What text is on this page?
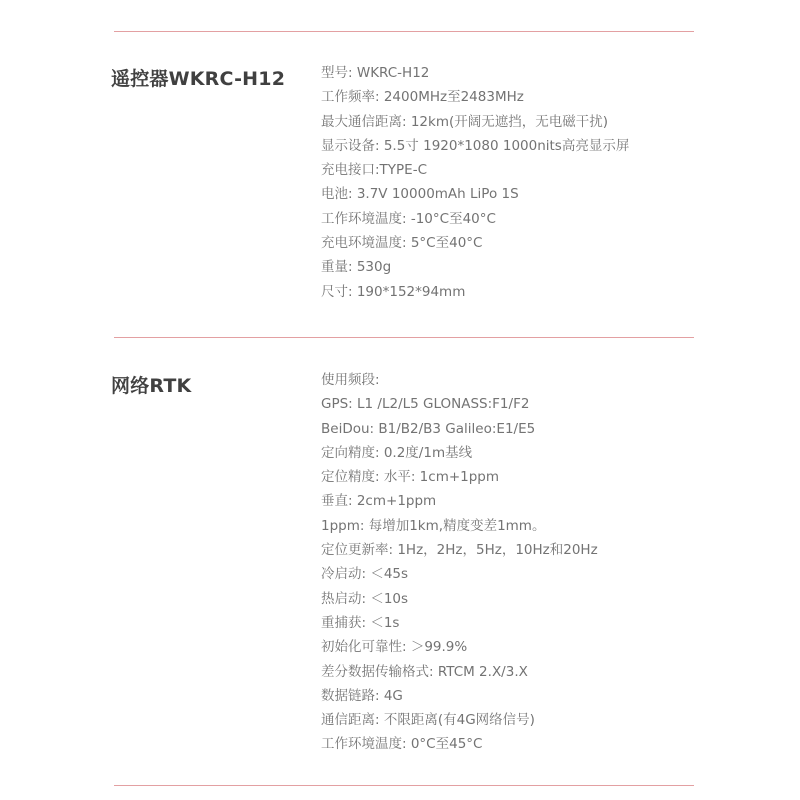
遥控器WKRC-H12	型号: WKRC-H12
工作频率: 2400MHz至2483MHz
最大通信距离: 12km(开阔无遮挡，无电磁干扰)
显示设备: 5.5寸 1920*1080 1000nits高亮显示屏
充电接口:TYPE-C
电池: 3.7V 10000mAh LiPo 1S
工作环境温度: -10°C至40°C
充电环境温度: 5°C至40°C
重量: 530g
尺寸: 190*152*94mm
网络RTK	使用频段:
GPS: L1 /L2/L5 GLONASS:F1/F2
BeiDou: B1/B2/B3 Galileo:E1/E5
定向精度: 0.2度/1m基线
定位精度: 水平: 1cm+1ppm
垂直: 2cm+1ppm
1ppm: 每增加1km,精度变差1mm。
定位更新率: 1Hz，2Hz，5Hz，10Hz和20Hz
冷启动: ＜45s
热启动: ＜10s
重捕获: ＜1s
初始化可靠性: ＞99.9%
差分数据传输格式: RTCM 2.X/3.X
数据链路: 4G
通信距离: 不限距离(有4G网络信号)
工作环境温度: 0°C至45°C
